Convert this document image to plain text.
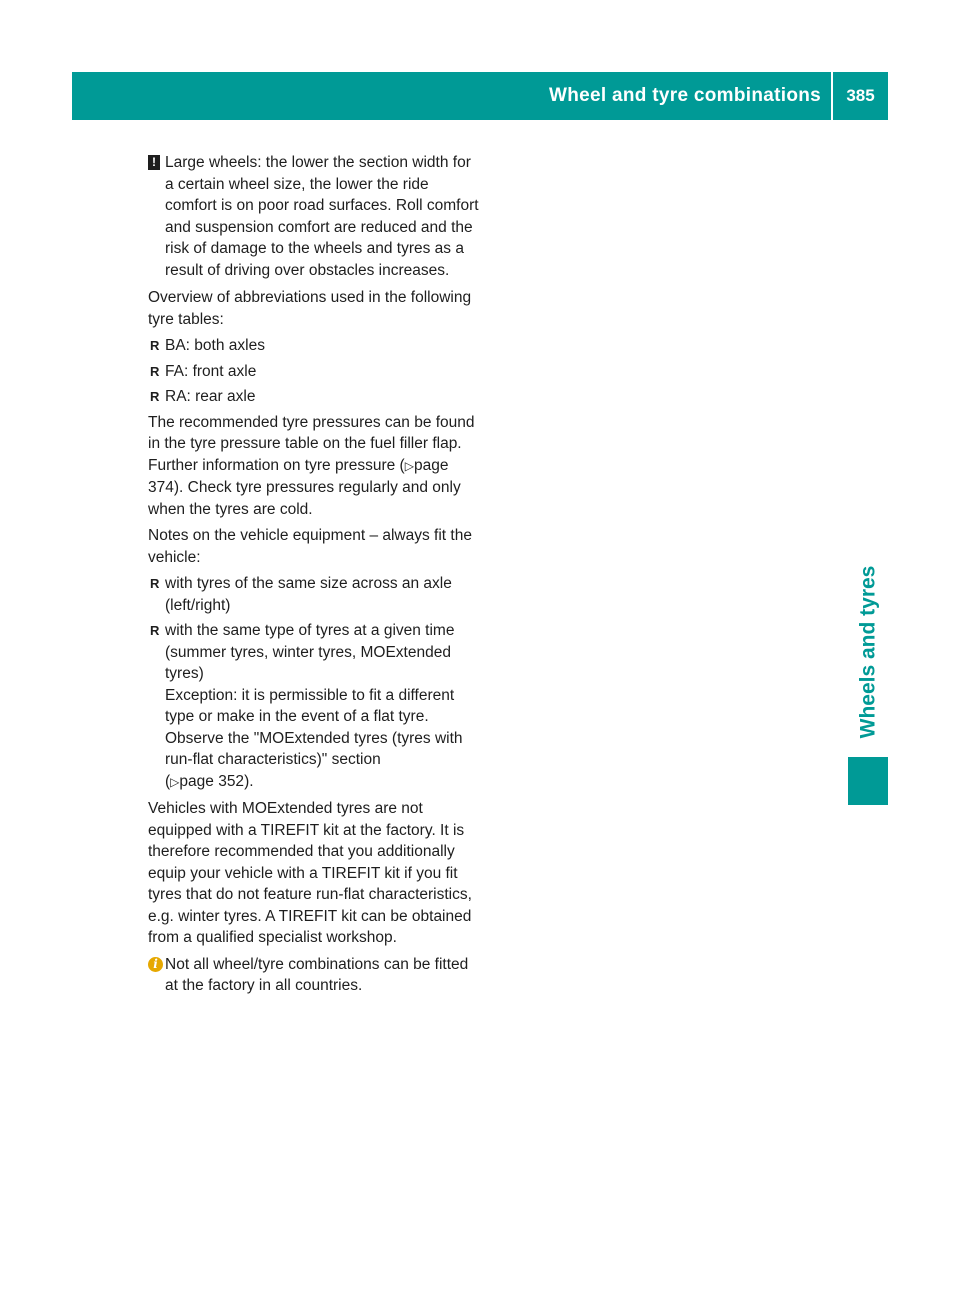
Wheel and tyre combinations	385
Wheels and tyres
! Large wheels: the lower the section width for a certain wheel size, the lower the ride comfort is on poor road surfaces. Roll comfort and suspension comfort are reduced and the risk of damage to the wheels and tyres as a result of driving over obstacles increases.

Overview of abbreviations used in the following tyre tables:

R BA: both axles
R FA: front axle
R RA: rear axle

The recommended tyre pressures can be found in the tyre pressure table on the fuel filler flap. Further information on tyre pressure (▷page 374). Check tyre pressures regularly and only when the tyres are cold.

Notes on the vehicle equipment – always fit the vehicle:

R with tyres of the same size across an axle (left/right)
R with the same type of tyres at a given time (summer tyres, winter tyres, MOExtended tyres)

Exception: it is permissible to fit a different type or make in the event of a flat tyre. Observe the "MOExtended tyres (tyres with run-flat characteristics)" section
(▷page 352).

Vehicles with MOExtended tyres are not equipped with a TIREFIT kit at the factory. It is therefore recommended that you additionally equip your vehicle with a TIREFIT kit if you fit tyres that do not feature run-flat characteristics, e.g. winter tyres. A TIREFIT kit can be obtained from a qualified specialist workshop.

i Not all wheel/tyre combinations can be fitted at the factory in all countries.
